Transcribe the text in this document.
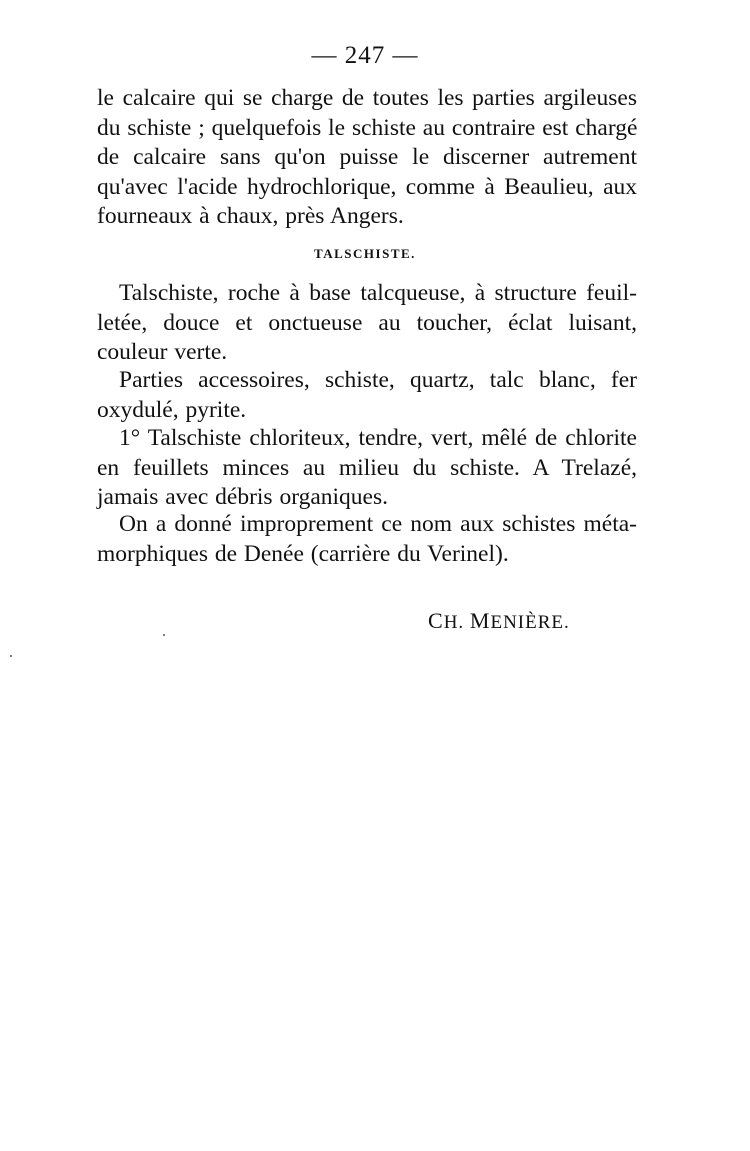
— 247 —
le calcaire qui se charge de toutes les parties argileuses
du schiste ; quelquefois le schiste au contraire est chargé
de calcaire sans qu'on puisse le discerner autrement
qu'avec l'acide hydrochlorique, comme à Beaulieu, aux
fourneaux à chaux, près Angers.
TALSCHISTE.
Talschiste, roche à base talcqueuse, à structure feuil-
letée, douce et onctueuse au toucher, éclat luisant,
couleur verte.
Parties accessoires, schiste, quartz, talc blanc, fer
oxydulé, pyrite.
1° Talschiste chloriteux, tendre, vert, mêlé de chlorite
en feuillets minces au milieu du schiste. A Trelazé,
jamais avec débris organiques.
On a donné improprement ce nom aux schistes méta-
morphiques de Denée (carrière du Verinel).
CH. MENIÈRE.
